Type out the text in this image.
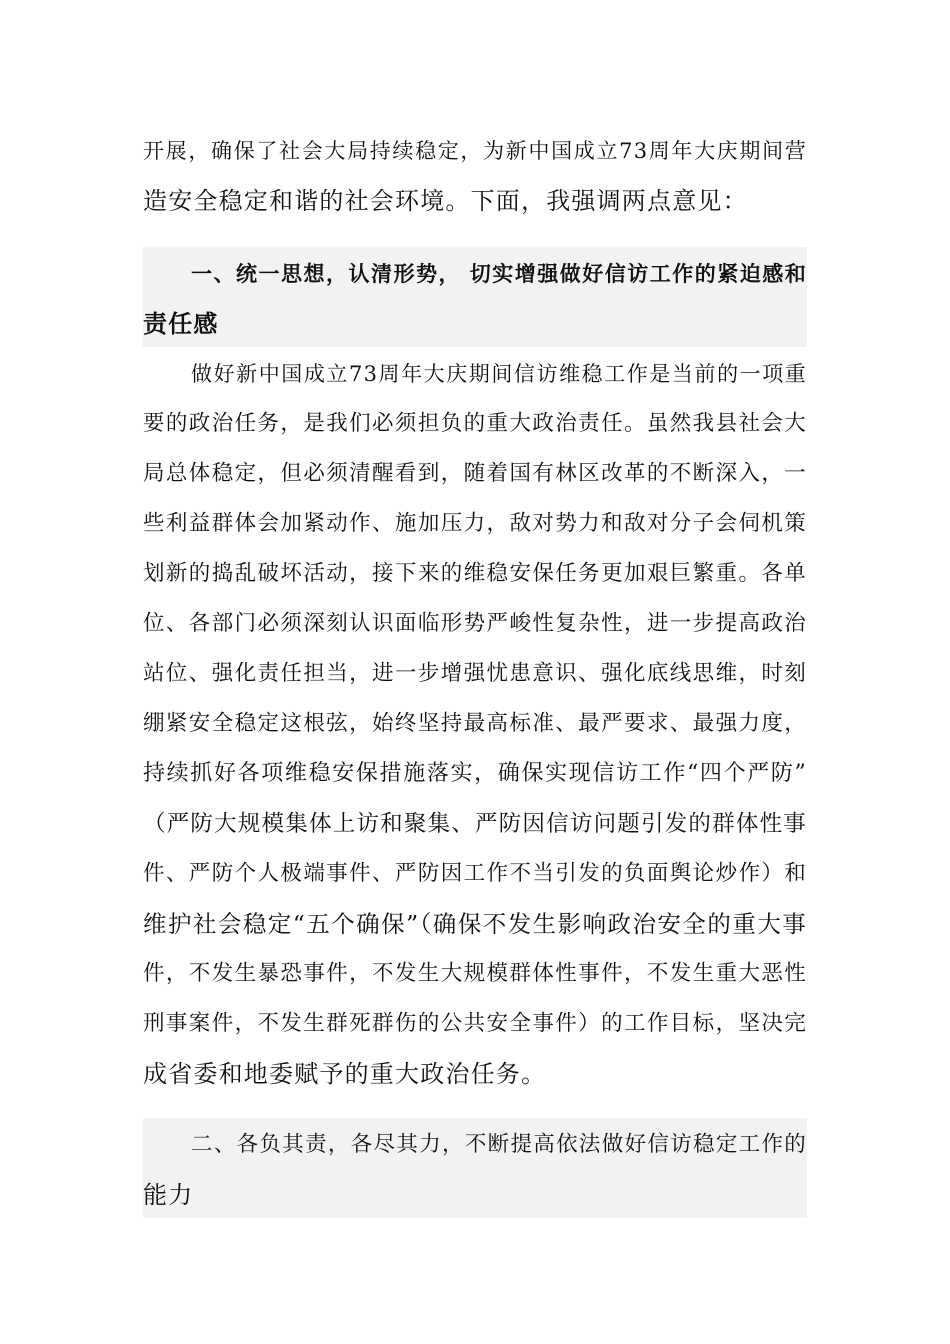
开展，确保了社会大局持续稳定，为新中国成立73周年大庆期间营
造安全稳定和谐的社会环境。下面，我强调两点意见：
一、统一思想，认清形势， 切实增强做好信访工作的紧迫感和
责任感
做好新中国成立73周年大庆期间信访维稳工作是当前的一项重
要的政治任务，是我们必须担负的重大政治责任。虽然我县社会大
局总体稳定，但必须清醒看到，随着国有林区改革的不断深入，一
些利益群体会加紧动作、施加压力，敌对势力和敌对分子会伺机策
划新的捣乱破坏活动，接下来的维稳安保任务更加艰巨繁重。各单
位、各部门必须深刻认识面临形势严峻性复杂性，进一步提高政治
站位、强化责任担当，进一步增强忧患意识、强化底线思维，时刻
绷紧安全稳定这根弦，始终坚持最高标准、最严要求、最强力度，
持续抓好各项维稳安保措施落实，确保实现信访工作“四个严防”
（严防大规模集体上访和聚集、严防因信访问题引发的群体性事
件、严防个人极端事件、严防因工作不当引发的负面舆论炒作）和
维护社会稳定“五个确保”（确保不发生影响政治安全的重大事
件，不发生暴恐事件，不发生大规模群体性事件，不发生重大恶性
刑事案件，不发生群死群伤的公共安全事件）的工作目标，坚决完
成省委和地委赋予的重大政治任务。
二、各负其责，各尽其力，不断提高依法做好信访稳定工作的
能力
